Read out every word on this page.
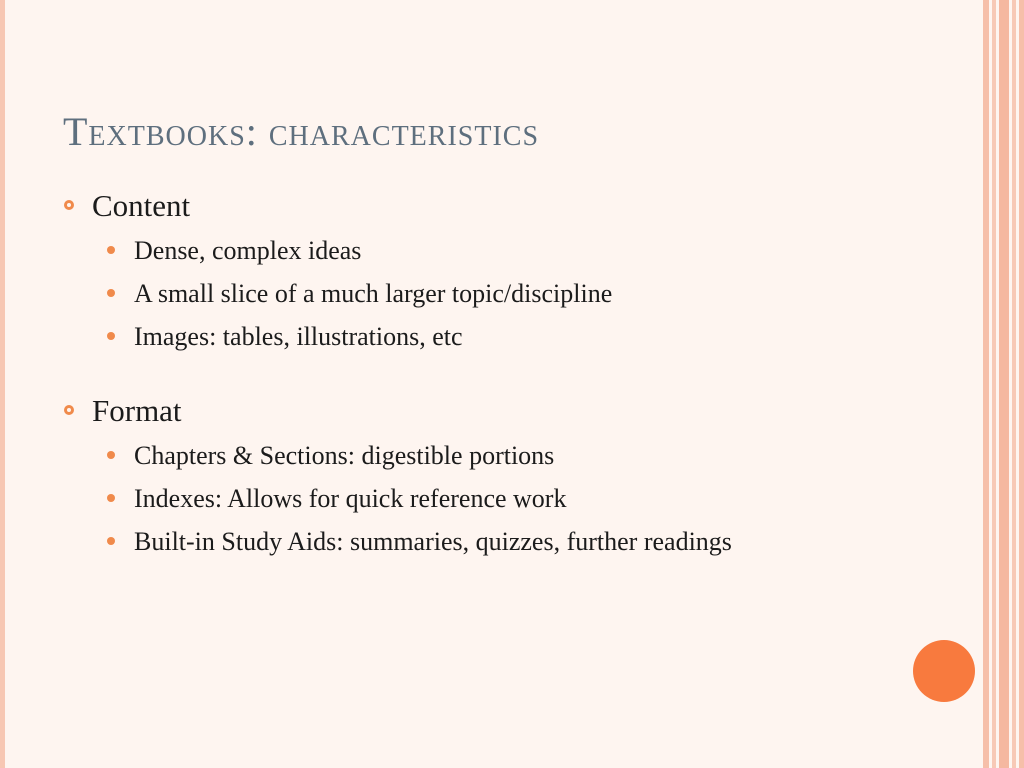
Textbooks: characteristics

Content

Dense, complex ideas

A small slice of a much larger topic/discipline

Images: tables, illustrations, etc

Format

Chapters & Sections: digestible portions

Indexes: Allows for quick reference work

Built-in Study Aids: summaries, quizzes, further readings
